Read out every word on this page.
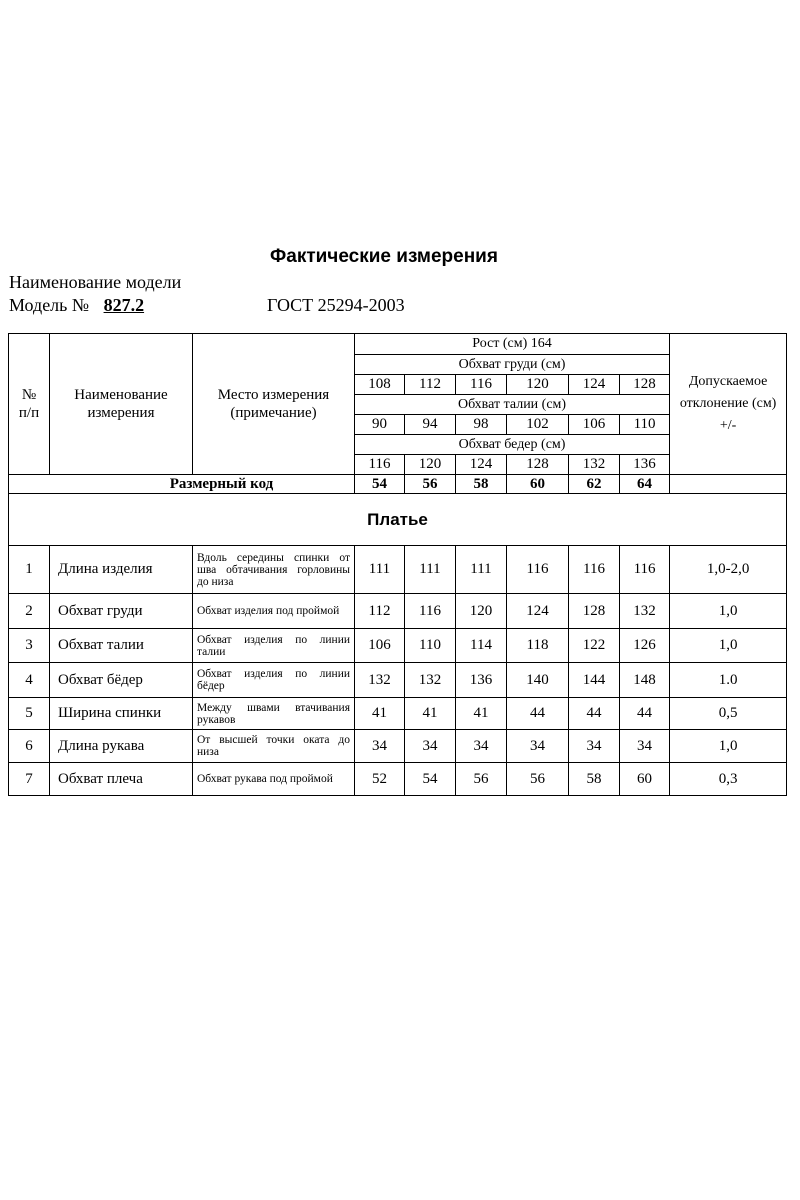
Фактические измерения
Наименование модели
Модель № 827.2	ГОСТ 25294-2003
№ п/п	Наименование измерения	Место измерения (примечание)	Рост (см) 164						Допускаемое отклонение (см) +/-
			Обхват груди (см)						
			108	112	116	120	124	128	
			Обхват талии (см)						
			90	94	98	102	106	110	
			Обхват бедер (см)						
			116	120	124	128	132	136	
Размерный код			54	56	58	60	62	64	
Платье									
1	Длина изделия	Вдоль середины спинки от шва обтачивания горловины до низа	111	111	111	116	116	116	1,0-2,0
2	Обхват груди	Обхват изделия под проймой	112	116	120	124	128	132	1,0
3	Обхват талии	Обхват изделия по линии талии	106	110	114	118	122	126	1,0
4	Обхват бёдер	Обхват изделия по линии бёдер	132	132	136	140	144	148	1.0
5	Ширина спинки	Между швами втачивания рукавов	41	41	41	44	44	44	0,5
6	Длина рукава	От высшей точки оката до низа	34	34	34	34	34	34	1,0
7	Обхват плеча	Обхват рукава под проймой	52	54	56	56	58	60	0,3
